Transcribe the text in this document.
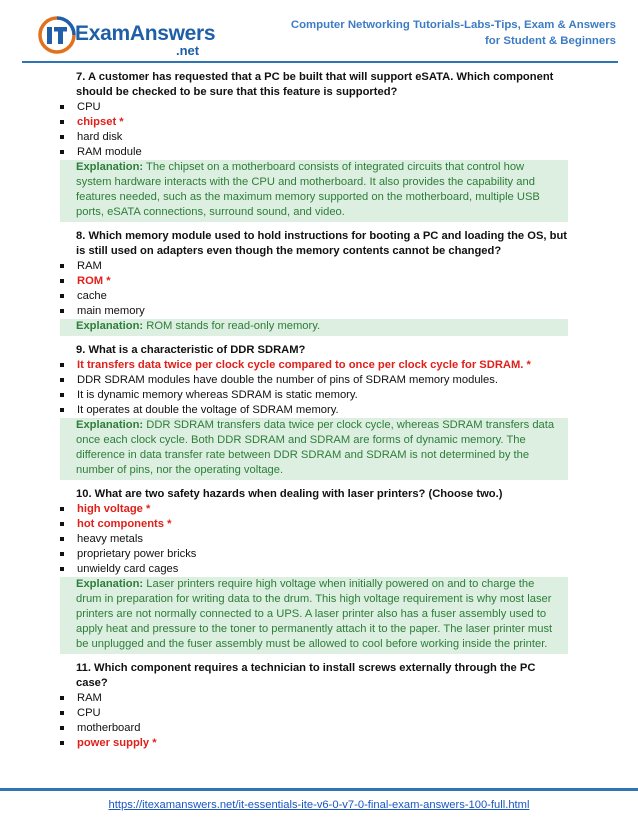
ExamAnswers
.net
Computer Networking Tutorials-Labs-Tips, Exam & Answers
for Student & Beginners
7. A customer has requested that a PC be built that will support eSATA. Which component should be checked to be sure that this feature is supported?
CPU
chipset *
hard disk
RAM module
Explanation: The chipset on a motherboard consists of integrated circuits that control how system hardware interacts with the CPU and motherboard. It also provides the capability and features needed, such as the maximum memory supported on the motherboard, multiple USB ports, eSATA connections, surround sound, and video.
8. Which memory module used to hold instructions for booting a PC and loading the OS, but is still used on adapters even though the memory contents cannot be changed?
RAM
ROM *
cache
main memory
Explanation: ROM stands for read-only memory.
9. What is a characteristic of DDR SDRAM?
It transfers data twice per clock cycle compared to once per clock cycle for SDRAM. *
DDR SDRAM modules have double the number of pins of SDRAM memory modules.
It is dynamic memory whereas SDRAM is static memory.
It operates at double the voltage of SDRAM memory.
Explanation: DDR SDRAM transfers data twice per clock cycle, whereas SDRAM transfers data once each clock cycle. Both DDR SDRAM and SDRAM are forms of dynamic memory. The difference in data transfer rate between DDR SDRAM and SDRAM is not determined by the number of pins, nor the operating voltage.
10. What are two safety hazards when dealing with laser printers? (Choose two.)
high voltage *
hot components *
heavy metals
proprietary power bricks
unwieldy card cages
Explanation: Laser printers require high voltage when initially powered on and to charge the drum in preparation for writing data to the drum. This high voltage requirement is why most laser printers are not normally connected to a UPS. A laser printer also has a fuser assembly used to apply heat and pressure to the toner to permanently attach it to the paper. The laser printer must be unplugged and the fuser assembly must be allowed to cool before working inside the printer.
11. Which component requires a technician to install screws externally through the PC case?
RAM
CPU
motherboard
power supply *
https://itexamanswers.net/it-essentials-ite-v6-0-v7-0-final-exam-answers-100-full.html
